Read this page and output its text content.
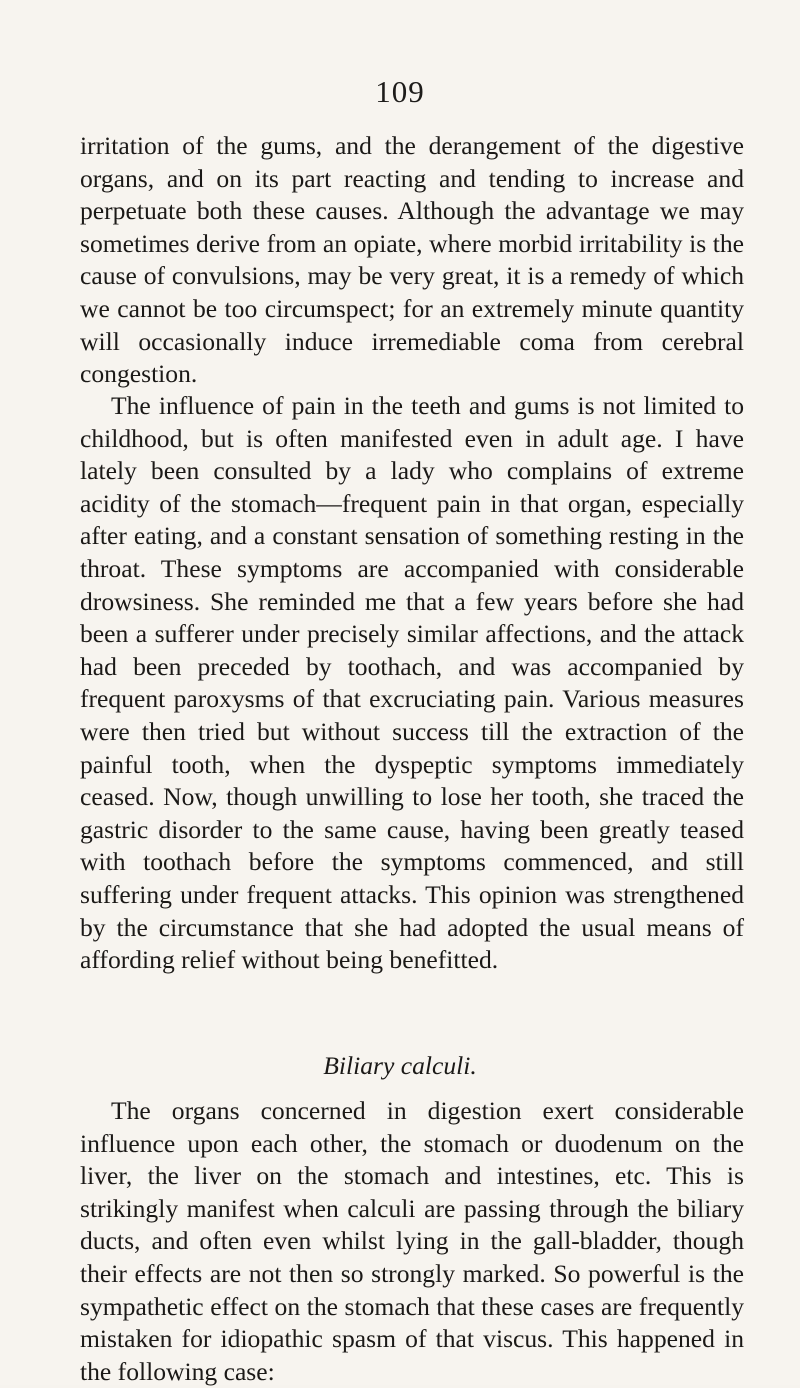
109

irritation of the gums, and the derangement of the digestive organs, and on its part reacting and tending to increase and perpetuate both these causes. Although the advantage we may sometimes derive from an opiate, where morbid irritability is the cause of convulsions, may be very great, it is a remedy of which we cannot be too circumspect; for an extremely minute quantity will occasionally induce irremediable coma from cerebral congestion.

The influence of pain in the teeth and gums is not limited to childhood, but is often manifested even in adult age. I have lately been consulted by a lady who complains of extreme acidity of the stomach—frequent pain in that organ, especially after eating, and a constant sensation of something resting in the throat. These symptoms are accompanied with considerable drowsiness. She reminded me that a few years before she had been a sufferer under precisely similar affections, and the attack had been preceded by toothach, and was accompanied by frequent paroxysms of that excruciating pain. Various measures were then tried but without success till the extraction of the painful tooth, when the dyspeptic symptoms immediately ceased. Now, though unwilling to lose her tooth, she traced the gastric disorder to the same cause, having been greatly teased with toothach before the symptoms commenced, and still suffering under frequent attacks. This opinion was strengthened by the circumstance that she had adopted the usual means of affording relief without being benefitted.

Biliary calculi.

The organs concerned in digestion exert considerable influence upon each other, the stomach or duodenum on the liver, the liver on the stomach and intestines, etc. This is strikingly manifest when calculi are passing through the biliary ducts, and often even whilst lying in the gall-bladder, though their effects are not then so strongly marked. So powerful is the sympathetic effect on the stomach that these cases are frequently mistaken for idiopathic spasm of that viscus. This happened in the following case:
